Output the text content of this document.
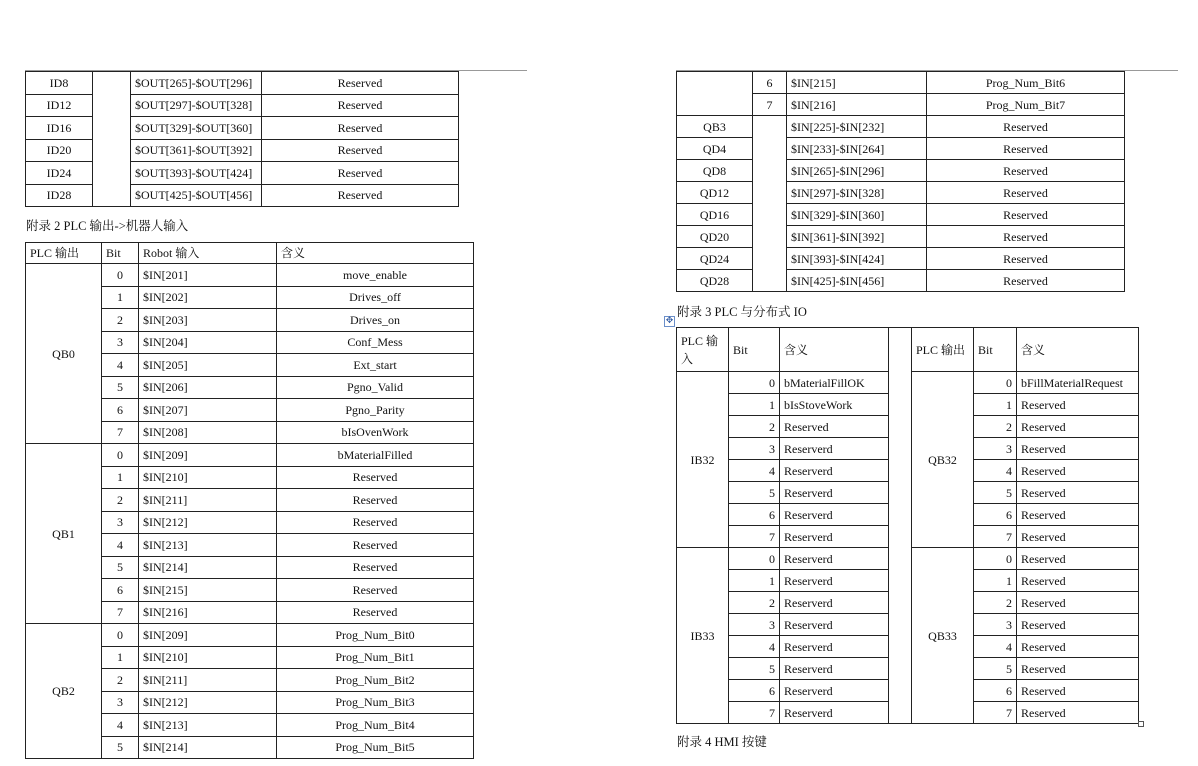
ID8		$OUT[265]-$OUT[296]	Reserved
ID12		$OUT[297]-$OUT[328]	Reserved
ID16		$OUT[329]-$OUT[360]	Reserved
ID20		$OUT[361]-$OUT[392]	Reserved
ID24		$OUT[393]-$OUT[424]	Reserved
ID28		$OUT[425]-$OUT[456]	Reserved
附录 2 PLC 输出->机器人输入
PLC 输出	Bit	Robot 输入	含义
QB0	0	$IN[201]	move_enable
	1	$IN[202]	Drives_off
	2	$IN[203]	Drives_on
	3	$IN[204]	Conf_Mess
	4	$IN[205]	Ext_start
	5	$IN[206]	Pgno_Valid
	6	$IN[207]	Pgno_Parity
	7	$IN[208]	bIsOvenWork
QB1	0	$IN[209]	bMaterialFilled
	1	$IN[210]	Reserved
	2	$IN[211]	Reserved
	3	$IN[212]	Reserved
	4	$IN[213]	Reserved
	5	$IN[214]	Reserved
	6	$IN[215]	Reserved
	7	$IN[216]	Reserved
QB2	0	$IN[209]	Prog_Num_Bit0
	1	$IN[210]	Prog_Num_Bit1
	2	$IN[211]	Prog_Num_Bit2
	3	$IN[212]	Prog_Num_Bit3
	4	$IN[213]	Prog_Num_Bit4
	5	$IN[214]	Prog_Num_Bit5
	6	$IN[215]	Prog_Num_Bit6
	7	$IN[216]	Prog_Num_Bit7
QB3		$IN[225]-$IN[232]	Reserved
QD4		$IN[233]-$IN[264]	Reserved
QD8		$IN[265]-$IN[296]	Reserved
QD12		$IN[297]-$IN[328]	Reserved
QD16		$IN[329]-$IN[360]	Reserved
QD20		$IN[361]-$IN[392]	Reserved
QD24		$IN[393]-$IN[424]	Reserved
QD28		$IN[425]-$IN[456]	Reserved
附录 3 PLC 与分布式 IO
✥
PLC 输入	Bit	含义		PLC 输出	Bit	含义
IB32	0	bMaterialFillOK		QB32	0	bFillMaterialRequest
	1	bIsStoveWork			1	Reserved
	2	Reserved			2	Reserved
	3	Reserverd			3	Reserved
	4	Reserverd			4	Reserved
	5	Reserverd			5	Reserved
	6	Reserverd			6	Reserved
	7	Reserverd			7	Reserved
IB33	0	Reserverd		QB33	0	Reserved
	1	Reserverd			1	Reserved
	2	Reserverd			2	Reserved
	3	Reserverd			3	Reserved
	4	Reserverd			4	Reserved
	5	Reserverd			5	Reserved
	6	Reserverd			6	Reserved
	7	Reserverd			7	Reserved
附录 4 HMI 按键
